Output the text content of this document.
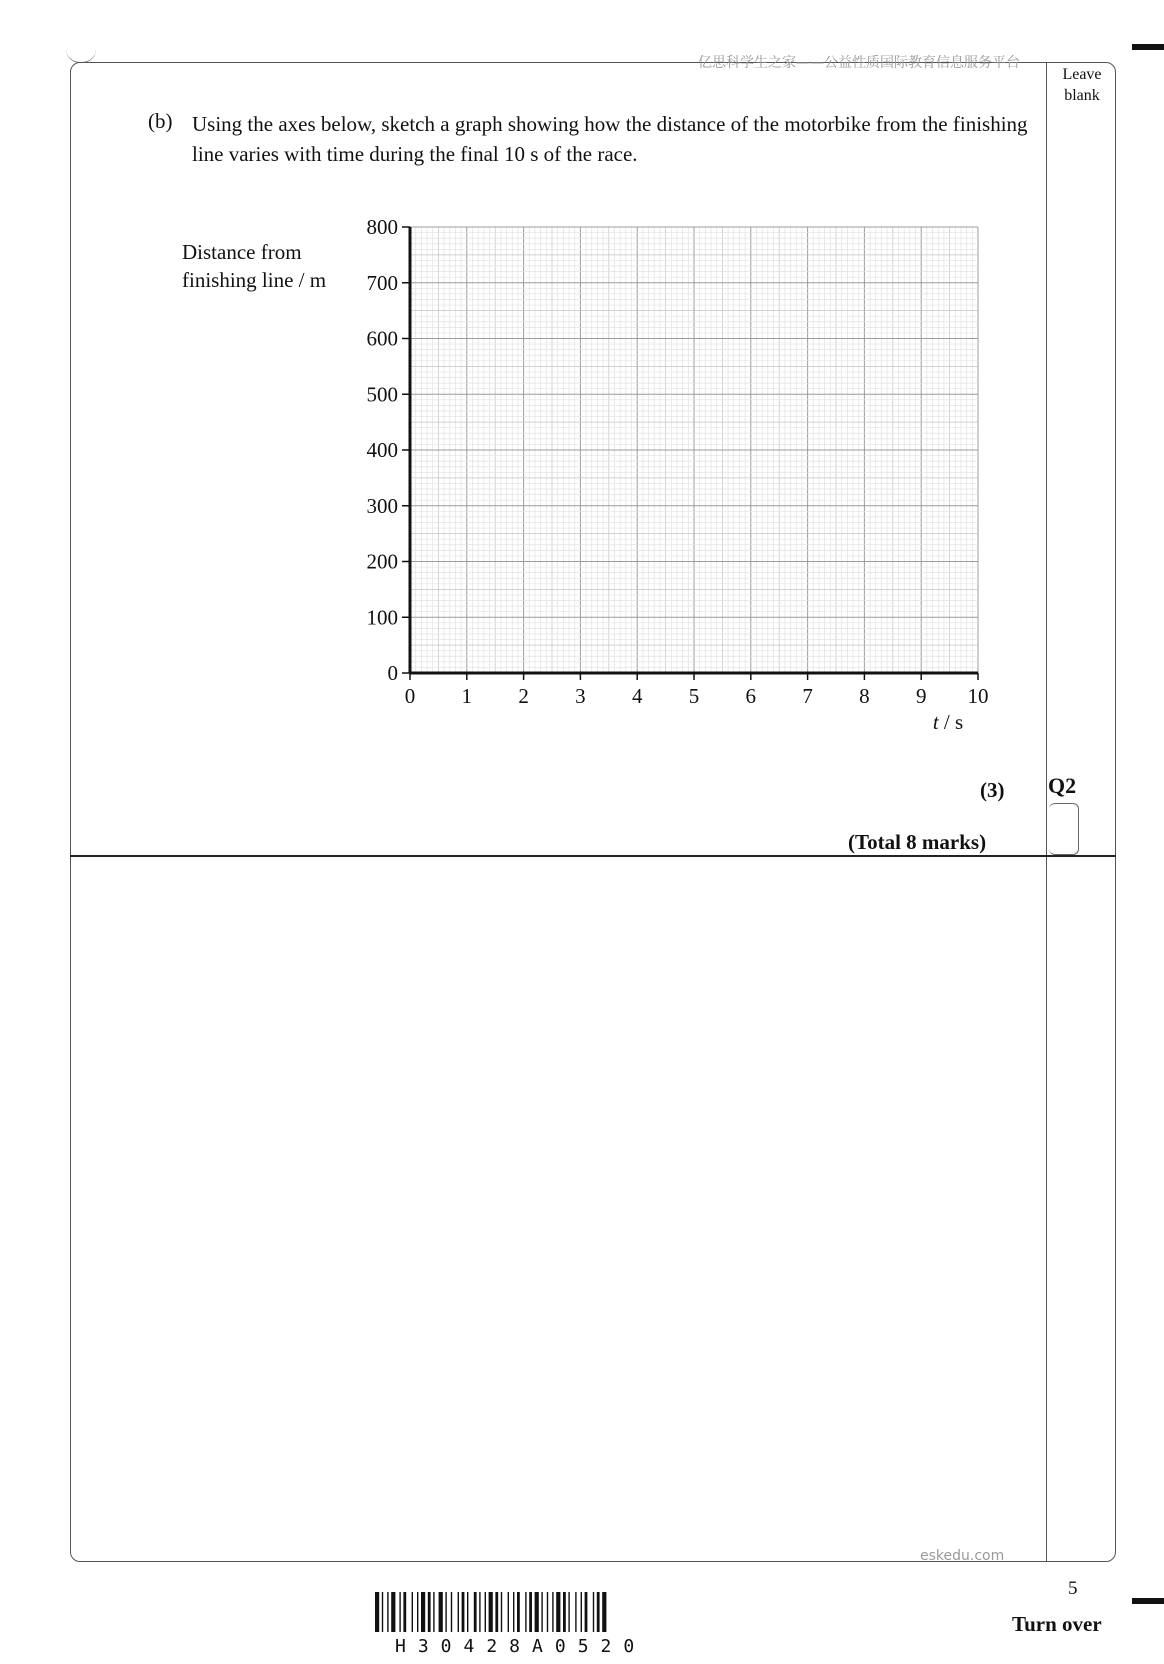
亿思科学生之家——公益性质国际教育信息服务平台
Leave blank
(b) Using the axes below, sketch a graph showing how the distance of the motorbike from the finishing line varies with time during the final 10 s of the race.
Distance from finishing line / m
0 1 2 3 4 5 6 7 8 9 10
0
100
200
300
400
500
600
700
800
t / s
(3) Q2
(Total 8 marks)
eskedu.com
5
Turn over
H30428A0520
